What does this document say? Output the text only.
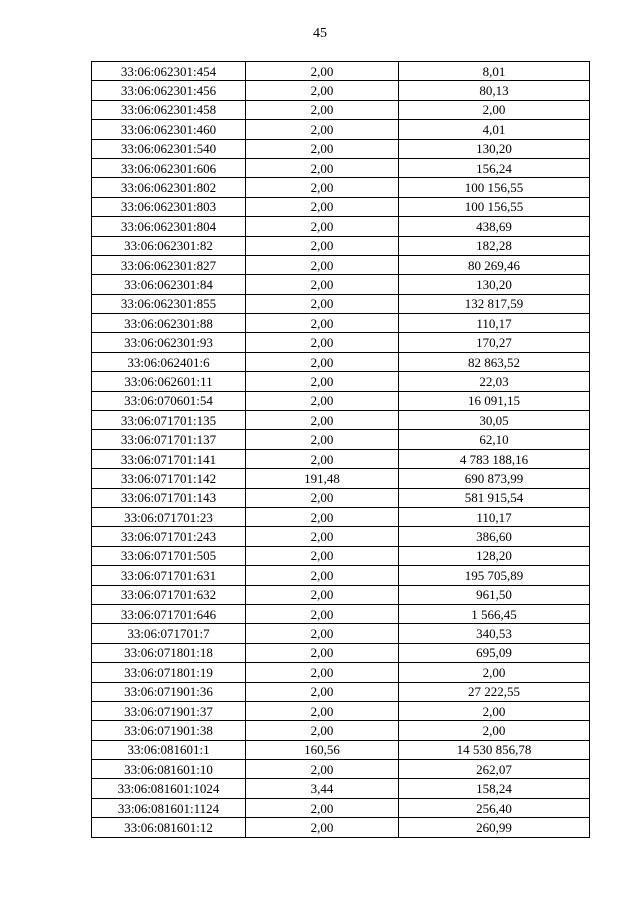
45
33:06:062301:454	2,00	8,01
33:06:062301:456	2,00	80,13
33:06:062301:458	2,00	2,00
33:06:062301:460	2,00	4,01
33:06:062301:540	2,00	130,20
33:06:062301:606	2,00	156,24
33:06:062301:802	2,00	100 156,55
33:06:062301:803	2,00	100 156,55
33:06:062301:804	2,00	438,69
33:06:062301:82	2,00	182,28
33:06:062301:827	2,00	80 269,46
33:06:062301:84	2,00	130,20
33:06:062301:855	2,00	132 817,59
33:06:062301:88	2,00	110,17
33:06:062301:93	2,00	170,27
33:06:062401:6	2,00	82 863,52
33:06:062601:11	2,00	22,03
33:06:070601:54	2,00	16 091,15
33:06:071701:135	2,00	30,05
33:06:071701:137	2,00	62,10
33:06:071701:141	2,00	4 783 188,16
33:06:071701:142	191,48	690 873,99
33:06:071701:143	2,00	581 915,54
33:06:071701:23	2,00	110,17
33:06:071701:243	2,00	386,60
33:06:071701:505	2,00	128,20
33:06:071701:631	2,00	195 705,89
33:06:071701:632	2,00	961,50
33:06:071701:646	2,00	1 566,45
33:06:071701:7	2,00	340,53
33:06:071801:18	2,00	695,09
33:06:071801:19	2,00	2,00
33:06:071901:36	2,00	27 222,55
33:06:071901:37	2,00	2,00
33:06:071901:38	2,00	2,00
33:06:081601:1	160,56	14 530 856,78
33:06:081601:10	2,00	262,07
33:06:081601:1024	3,44	158,24
33:06:081601:1124	2,00	256,40
33:06:081601:12	2,00	260,99
